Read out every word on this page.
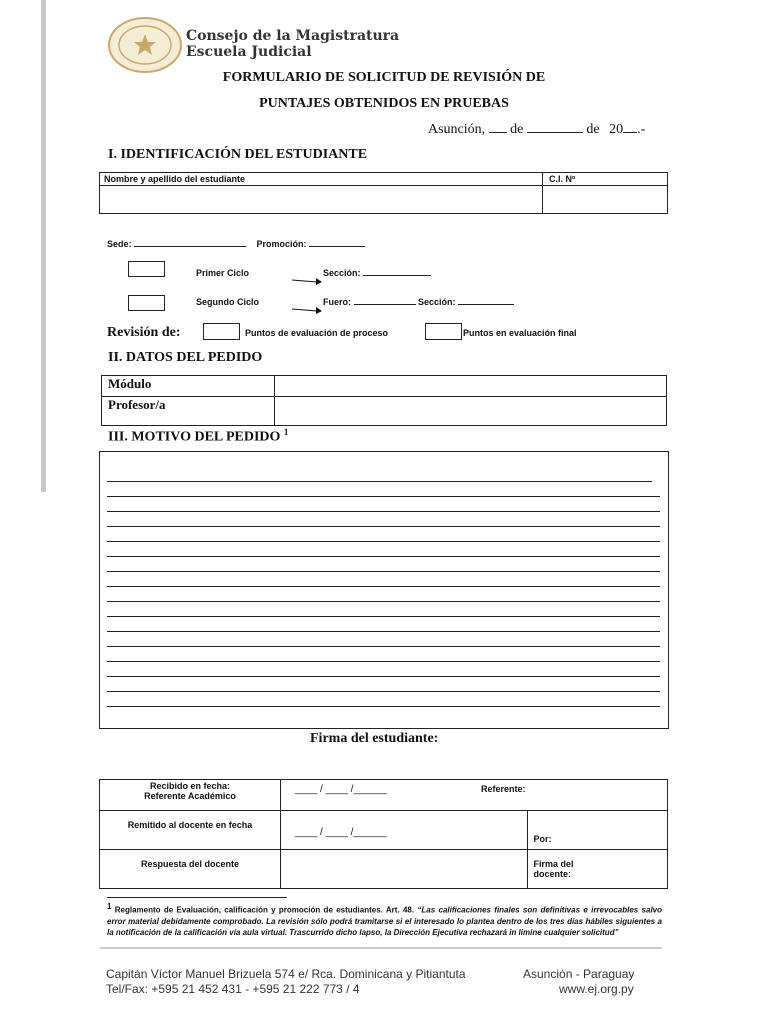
Consejo de la Magistratura
Escuela Judicial
FORMULARIO DE SOLICITUD DE REVISIÓN DE
PUNTAJES OBTENIDOS EN PRUEBAS
Asunción, de	de 20 .-
I. IDENTIFICACIÓN DEL ESTUDIANTE
Nombre y apellido del estudiante	C.I. Nº

Sede:	Promoción:
Primer Ciclo	Sección:
Segundo Ciclo	Fuero:	Sección:
Revisión de:	Puntos de evaluación de proceso	Puntos en evaluación final
II. DATOS DEL PEDIDO
Módulo	
Profesor/a	
III. MOTIVO DEL PEDIDO $^1$
Firma del estudiante:
Recibido en fecha:
Referente Académico	____ / ____ /______	Referente:
Remitido al docente en fecha	____ / ____ /______	Por:
Respuesta del docente		Firma del
docente:
$^1$ Reglamento de Evaluación, calificación y promoción de estudiantes. Art. 48. “Las calificaciones finales son definitivas e irrevocables salvo error material debidamente comprobado. La revisión sólo podrá tramitarse si el interesado lo plantea dentro de los tres días hábiles siguientes a la notificación de la calificación vía aula virtual. Trascurrido dicho lapso, la Dirección Ejecutiva rechazará in limine cualquier solicitud”
Capitán Víctor Manuel Brizuela 574 e/ Rca. Dominicana y Pitiantuta	Asunción - Paraguay
Tel/Fax: +595 21 452 431 - +595 21 222 773 / 4	www.ej.org.py
